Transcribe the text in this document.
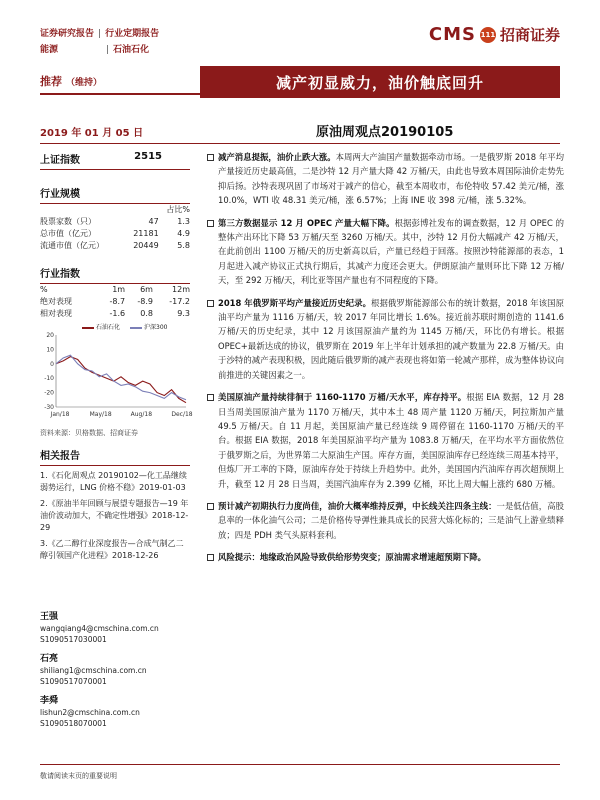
证券研究报告 | 行业定期报告
能源	| 石油石化
CMS 111 招商证券
推荐 （维持）	减产初显威力，油价触底回升
2019 年 01 月 05 日	原油周观点20190105
上证指数	2515
行业规模
		占比%
股票家数（只）	47	1.3
总市值（亿元）	21181	4.9
流通市值（亿元）	20449	5.8
行业指数
%	1m	6m	12m
绝对表现	-8.7	-8.9	-17.2
相对表现	-1.6	0.8	9.3
石油石化	沪深300
20
10
0
-10
-20
-30
Jan/18	May/18	Aug/18	Dec/18
资料来源：贝格数据、招商证券
相关报告
1.《石化周观点 20190102—化工品继续弱势运行，LNG 价格不稳》2019-01-03
2.《原油半年回顾与展望专题报告—19 年油价波动加大，不确定性增强》2018-12-29
3.《乙二醇行业深度报告—合成气制乙二醇引领国产化进程》2018-12-26
王强
wangqiang4@cmschina.com.cn
S1090517030001
石亮
shiliang1@cmschina.com.cn
S1090517070001
李舜
lishun2@cmschina.com.cn
S1090518070001
减产消息提振，油价止跌大涨。本周两大产油国产量数据牵动市场。一是俄罗斯 2018 年平均产量接近历史最高值，二是沙特 12 月产量大降 42 万桶/天，由此也导致本周国际油价走势先抑后扬。沙特表现巩固了市场对于减产的信心，截至本周收市，布伦特收 57.42 美元/桶，涨 10.0%，WTI 收 48.31 美元/桶，涨 6.57%；上海 INE 收 398 元/桶，涨 5.32%。
第三方数据显示 12 月 OPEC 产量大幅下降。根据彭博社发布的调查数据，12 月 OPEC 的整体产出环比下降 53 万桶/天至 3260 万桶/天。其中，沙特 12 月份大幅减产 42 万桶/天，在此前创出 1100 万桶/天的历史新高以后，产量已经趋于回落。按照沙特能源部的表态，1 月起进入减产协议正式执行期后，其减产力度还会更大。伊朗原油产量则环比下降 12 万桶/天，至 292 万桶/天，利比亚等国产量也有不同程度的下降。
2018 年俄罗斯平均产量接近历史纪录。根据俄罗斯能源部公布的统计数据，2018 年该国原油平均产量为 1116 万桶/天，较 2017 年同比增长 1.6%。接近前苏联时期创造的 1141.6 万桶/天的历史纪录，其中 12 月该国原油产量约为 1145 万桶/天，环比仍有增长。根据 OPEC+最新达成的协议，俄罗斯在 2019 年上半年计划承担的减产数量为 22.8 万桶/天。由于沙特的减产表现积极，因此随后俄罗斯的减产表现也将如第一轮减产那样，成为整体协议向前推进的关键因素之一。
美国原油产量持续徘徊于 1160-1170 万桶/天水平，库存持平。根据 EIA 数据，12 月 28 日当周美国原油产量为 1170 万桶/天，其中本土 48 周产量 1120 万桶/天，阿拉斯加产量 49.5 万桶/天。自 11 月起，美国原油产量已经连续 9 周停留在 1160-1170 万桶/天的平台。根据 EIA 数据，2018 年美国原油平均产量为 1083.8 万桶/天，在平均水平方面依然位于俄罗斯之后，为世界第二大原油生产国。库存方面，美国原油库存已经连续三周基本持平，但炼厂开工率的下降，原油库存处于持续上升趋势中。此外，美国国内汽油库存再次超预期上升，截至 12 月 28 日当周，美国汽油库存为 2.399 亿桶，环比上周大幅上涨约 680 万桶。
预计减产初期执行力度尚佳，油价大概率维持反弹，中长线关注四条主线：一是低估值，高股息率的一体化油气公司；二是价格传导弹性兼具成长的民营大炼化标的；三是油气上游业绩释放；四是 PDH 类气头原料套利。
风险提示：地缘政治风险导致供给形势突变；原油需求增速超预期下降。
敬请阅读末页的重要说明
